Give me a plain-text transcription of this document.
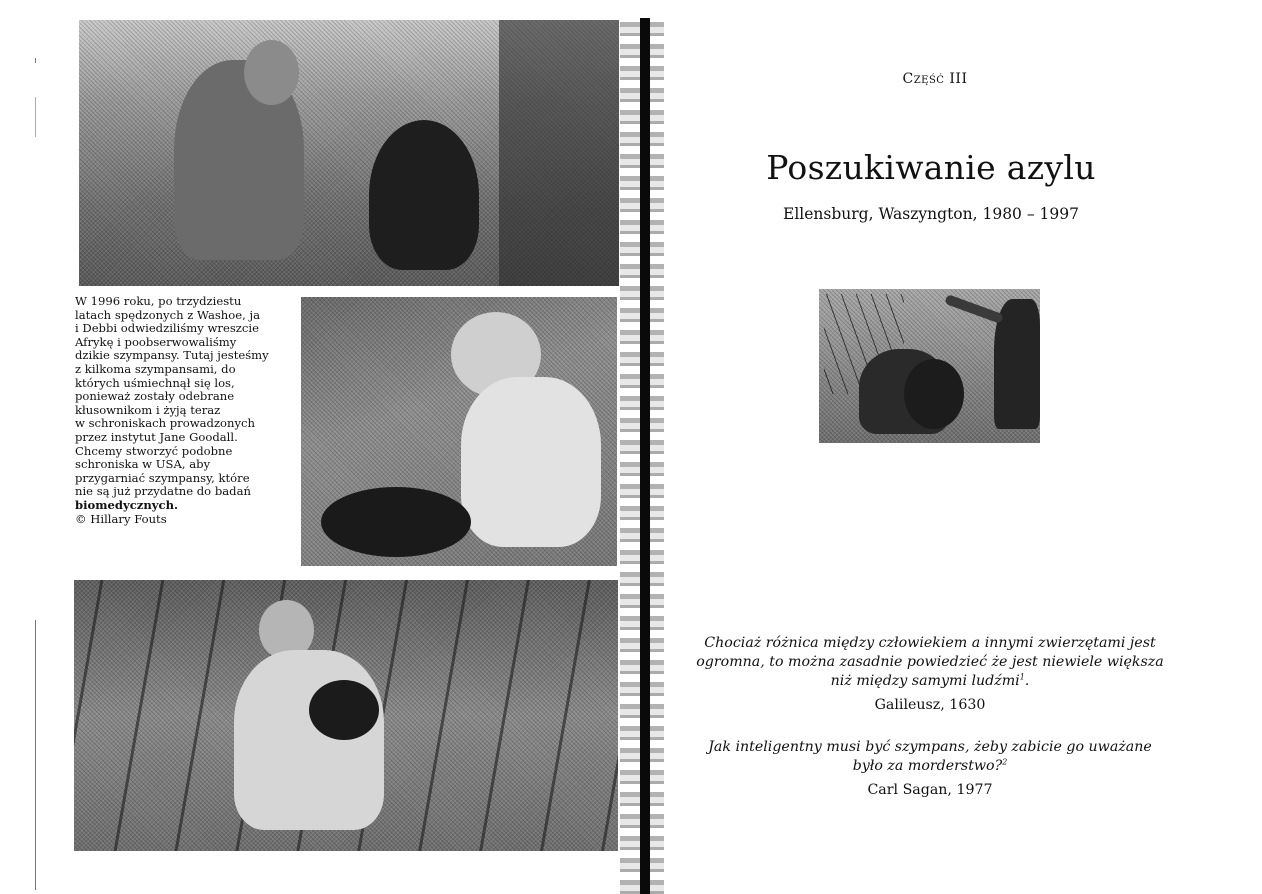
W 1996 roku, po trzydziestu
latach spędzonych z Washoe, ja
i Debbi odwiedziliśmy wreszcie
Afrykę i poobserwowaliśmy
dzikie szympansy. Tutaj jesteśmy
z kilkoma szympansami, do
których uśmiechnął się los,
ponieważ zostały odebrane
kłusownikom i żyją teraz
w schroniskach prowadzonych
przez instytut Jane Goodall.
Chcemy stworzyć podobne
schroniska w USA, aby
przygarniać szympansy, które
nie są już przydatne do badań
biomedycznych.
© Hillary Fouts
Część III
Poszukiwanie azylu
Ellensburg, Waszyngton, 1980 – 1997
Chociaż różnica między człowiekiem a innymi zwierzętami jest
ogromna, to można zasadnie powiedzieć że jest niewiele większa
niż między samymi ludźmi$^1$.
Galileusz, 1630
Jak inteligentny musi być szympans, żeby zabicie go uważane
było za morderstwo?$^2$
Carl Sagan, 1977
